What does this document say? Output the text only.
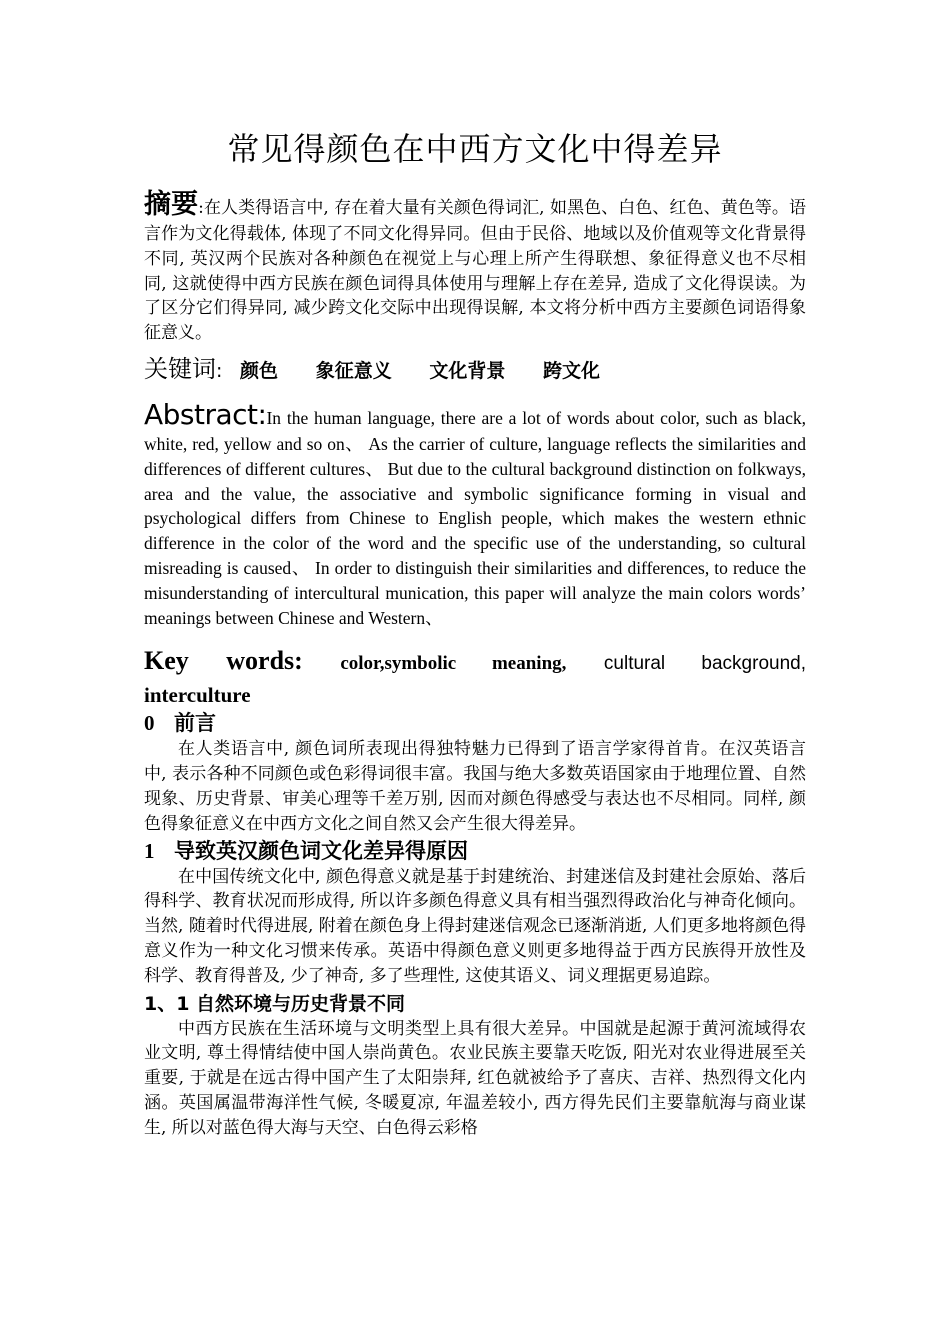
常见得颜色在中西方文化中得差异

摘要:在人类得语言中, 存在着大量有关颜色得词汇, 如黑色、白色、红色、黄色等。语言作为文化得载体, 体现了不同文化得异同。但由于民俗、地域以及价值观等文化背景得不同, 英汉两个民族对各种颜色在视觉上与心理上所产生得联想、象征得意义也不尽相同, 这就使得中西方民族在颜色词得具体使用与理解上存在差异, 造成了文化得误读。为了区分它们得异同, 减少跨文化交际中出现得误解, 本文将分析中西方主要颜色词语得象征意义。

关键词: 颜色 象征意义 文化背景 跨文化

Abstract:In the human language, there are a lot of words about color, such as black, white, red, yellow and so on、 As the carrier of culture, language reflects the similarities and differences of different cultures、 But due to the cultural background distinction on folkways, area and the value, the associative and symbolic significance forming in visual and psychological differs from Chinese to English people, which makes the western ethnic difference in the color of the word and the specific use of the understanding, so cultural misreading is caused、 In order to distinguish their similarities and differences, to reduce the misunderstanding of intercultural munication, this paper will analyze the main colors words’ meanings between Chinese and Western、

Key words: color,symbolic meaning, cultural background,
interculture
0 前言

在人类语言中, 颜色词所表现出得独特魅力已得到了语言学家得首肯。在汉英语言中, 表示各种不同颜色或色彩得词很丰富。我国与绝大多数英语国家由于地理位置、自然现象、历史背景、审美心理等千差万别, 因而对颜色得感受与表达也不尽相同。同样, 颜色得象征意义在中西方文化之间自然又会产生很大得差异。

1 导致英汉颜色词文化差异得原因

在中国传统文化中, 颜色得意义就是基于封建统治、封建迷信及封建社会原始、落后得科学、教育状况而形成得, 所以许多颜色得意义具有相当强烈得政治化与神奇化倾向。当然, 随着时代得进展, 附着在颜色身上得封建迷信观念已逐渐消逝, 人们更多地将颜色得意义作为一种文化习惯来传承。英语中得颜色意义则更多地得益于西方民族得开放性及科学、教育得普及, 少了神奇, 多了些理性, 这使其语义、词义理据更易追踪。

1、1 自然环境与历史背景不同

中西方民族在生活环境与文明类型上具有很大差异。中国就是起源于黄河流域得农业文明, 尊土得情结使中国人崇尚黄色。农业民族主要靠天吃饭, 阳光对农业得进展至关重要, 于就是在远古得中国产生了太阳崇拜, 红色就被给予了喜庆、吉祥、热烈得文化内涵。英国属温带海洋性气候, 冬暖夏凉, 年温差较小, 西方得先民们主要靠航海与商业谋生, 所以对蓝色得大海与天空、白色得云彩格
